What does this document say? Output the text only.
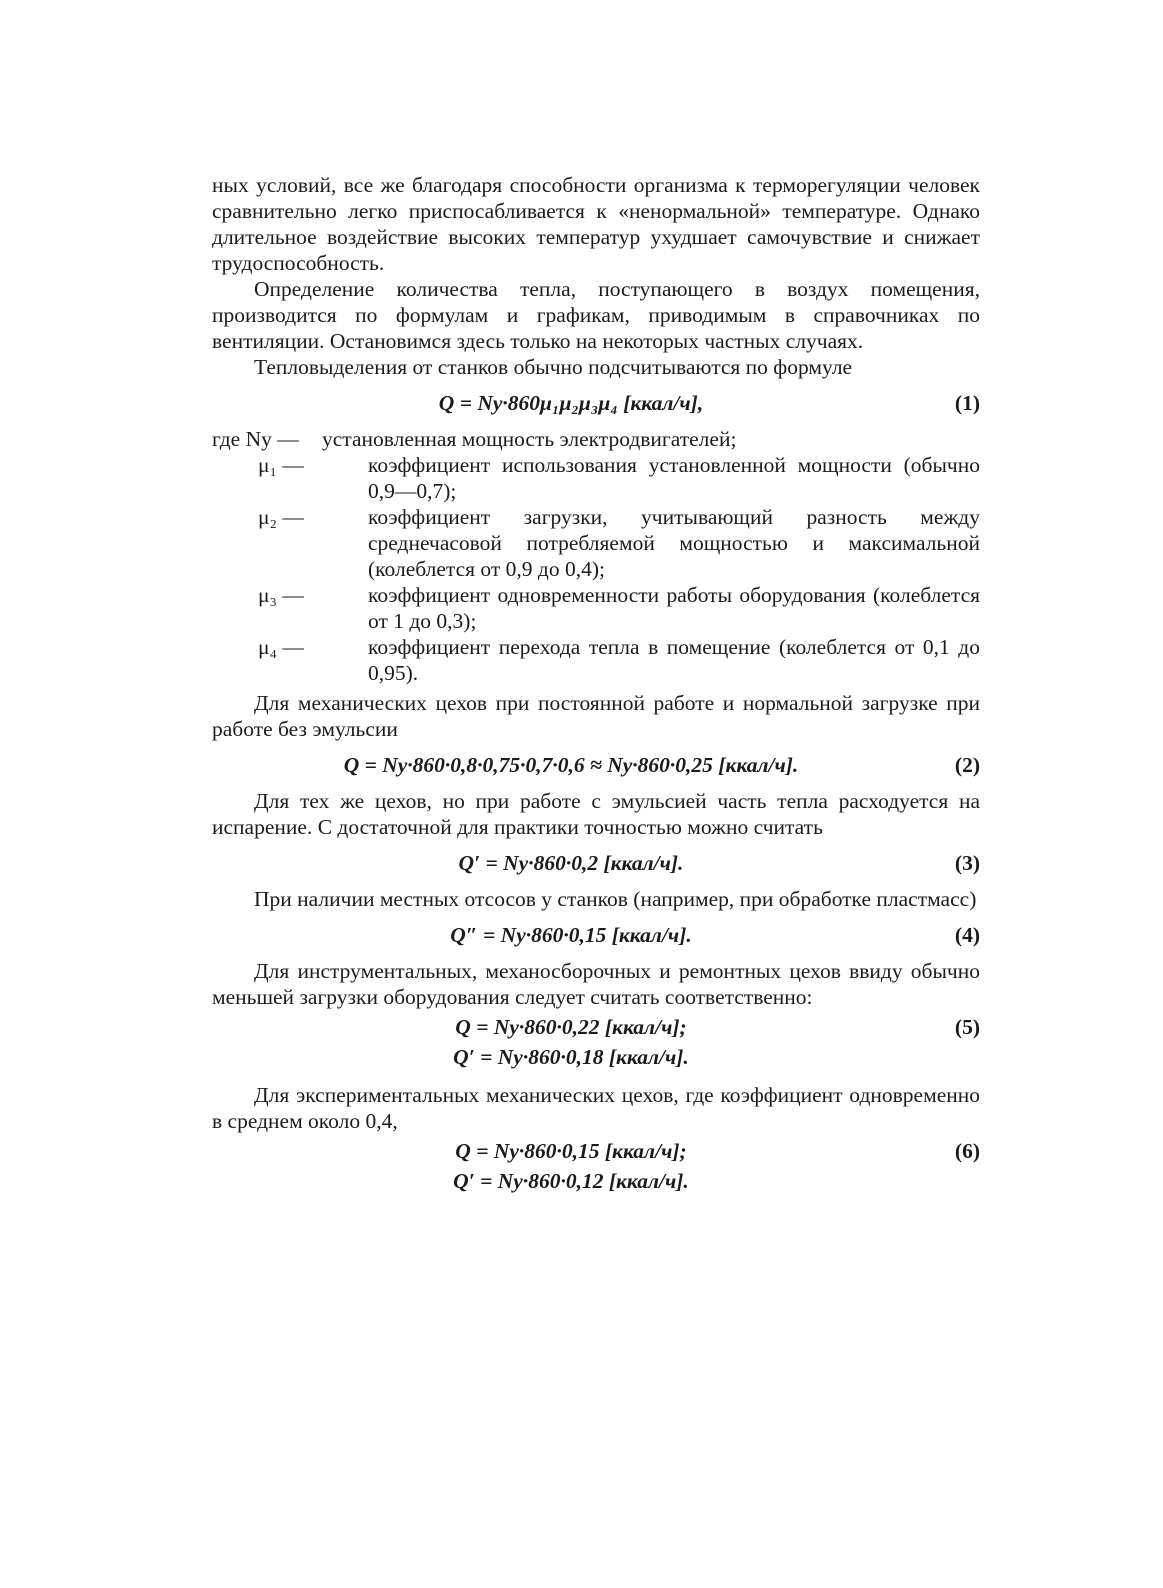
ных условий, все же благодаря способности организма к терморегуляции человек сравнительно легко приспосабливается к «ненормальной» температуре. Однако длительное воздействие высоких температур ухудшает самочувствие и снижает трудоспособность.

Определение количества тепла, поступающего в воздух помещения, производится по формулам и графикам, приводимым в справочниках по вентиляции. Остановимся здесь только на некоторых частных случаях.

Тепловыделения от станков обычно подсчитываются по формуле

Q = Nу·860μ₁μ₂μ₃μ₄ [ккал/ч],	(1)
где Nу —	установленная мощность электродвигателей;
μ₁ —	коэффициент использования установленной мощности (обычно 0,9—0,7);
μ₂ —	коэффициент загрузки, учитывающий разность между среднечасовой потребляемой мощностью и максимальной (колеблется от 0,9 до 0,4);
μ₃ —	коэффициент одновременности работы оборудования (колеблется от 1 до 0,3);
μ₄ —	коэффициент перехода тепла в помещение (колеблется от 0,1 до 0,95).

Для механических цехов при постоянной работе и нормальной загрузке при работе без эмульсии

Q = Nу·860·0,8·0,75·0,7·0,6 ≈ Nу·860·0,25 [ккал/ч].	(2)

Для тех же цехов, но при работе с эмульсией часть тепла расходуется на испарение. С достаточной для практики точностью можно считать

Q′ = Nу·860·0,2 [ккал/ч].	(3)

При наличии местных отсосов у станков (например, при обработке пластмасс)

Q″ = Nу·860·0,15 [ккал/ч].	(4)

Для инструментальных, механосборочных и ремонтных цехов ввиду обычно меньшей загрузки оборудования следует считать соответственно:

Q = Nу·860·0,22 [ккал/ч];	(5)
Q′ = Nу·860·0,18 [ккал/ч].

Для экспериментальных механических цехов, где коэффициент одновременно в среднем около 0,4,

Q = Nу·860·0,15 [ккал/ч];	(6)
Q′ = Nу·860·0,12 [ккал/ч].
